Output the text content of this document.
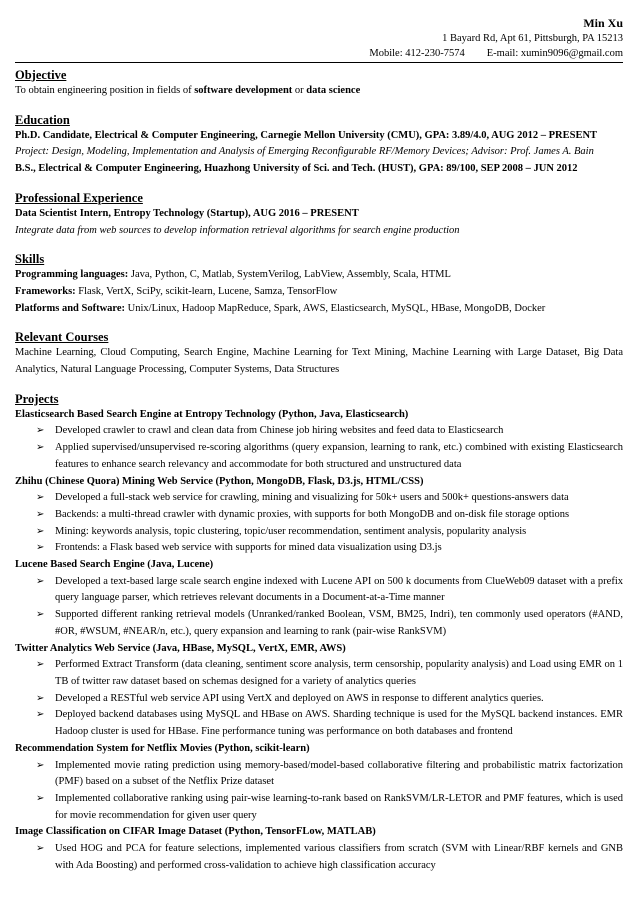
Min Xu
1 Bayard Rd, Apt 61, Pittsburgh, PA 15213
Mobile: 412-230-7574 E-mail: xumin9096@gmail.com
Objective
To obtain engineering position in fields of software development or data science
Education
Ph.D. Candidate, Electrical & Computer Engineering, Carnegie Mellon University (CMU), GPA: 3.89/4.0, AUG 2012 – PRESENT
Project: Design, Modeling, Implementation and Analysis of Emerging Reconfigurable RF/Memory Devices; Advisor: Prof. James A. Bain
B.S., Electrical & Computer Engineering, Huazhong University of Sci. and Tech. (HUST), GPA: 89/100, SEP 2008 – JUN 2012
Professional Experience
Data Scientist Intern, Entropy Technology (Startup), AUG 2016 – PRESENT
Integrate data from web sources to develop information retrieval algorithms for search engine production
Skills
Programming languages: Java, Python, C, Matlab, SystemVerilog, LabView, Assembly, Scala, HTML
Frameworks: Flask, VertX, SciPy, scikit-learn, Lucene, Samza, TensorFlow
Platforms and Software: Unix/Linux, Hadoop MapReduce, Spark, AWS, Elasticsearch, MySQL, HBase, MongoDB, Docker
Relevant Courses
Machine Learning, Cloud Computing, Search Engine, Machine Learning for Text Mining, Machine Learning with Large Dataset, Big Data Analytics, Natural Language Processing, Computer Systems, Data Structures
Projects
Elasticsearch Based Search Engine at Entropy Technology (Python, Java, Elasticsearch)
➢ Developed crawler to crawl and clean data from Chinese job hiring websites and feed data to Elasticsearch
➢ Applied supervised/unsupervised re-scoring algorithms (query expansion, learning to rank, etc.) combined with existing Elasticsearch features to enhance search relevancy and accommodate for both structured and unstructured data
Zhihu (Chinese Quora) Mining Web Service (Python, MongoDB, Flask, D3.js, HTML/CSS)
➢ Developed a full-stack web service for crawling, mining and visualizing for 50k+ users and 500k+ questions-answers data
➢ Backends: a multi-thread crawler with dynamic proxies, with supports for both MongoDB and on-disk file storage options
➢ Mining: keywords analysis, topic clustering, topic/user recommendation, sentiment analysis, popularity analysis
➢ Frontends: a Flask based web service with supports for mined data visualization using D3.js
Lucene Based Search Engine (Java, Lucene)
➢ Developed a text-based large scale search engine indexed with Lucene API on 500 k documents from ClueWeb09 dataset with a prefix query language parser, which retrieves relevant documents in a Document-at-a-Time manner
➢ Supported different ranking retrieval models (Unranked/ranked Boolean, VSM, BM25, Indri), ten commonly used operators (#AND, #OR, #WSUM, #NEAR/n, etc.), query expansion and learning to rank (pair-wise RankSVM)
Twitter Analytics Web Service (Java, HBase, MySQL, VertX, EMR, AWS)
➢ Performed Extract Transform (data cleaning, sentiment score analysis, term censorship, popularity analysis) and Load using EMR on 1 TB of twitter raw dataset based on schemas designed for a variety of analytics queries
➢ Developed a RESTful web service API using VertX and deployed on AWS in response to different analytics queries.
➢ Deployed backend databases using MySQL and HBase on AWS. Sharding technique is used for the MySQL backend instances. EMR Hadoop cluster is used for HBase. Fine performance tuning was performance on both databases and frontend
Recommendation System for Netflix Movies (Python, scikit-learn)
➢ Implemented movie rating prediction using memory-based/model-based collaborative filtering and probabilistic matrix factorization (PMF) based on a subset of the Netflix Prize dataset
➢ Implemented collaborative ranking using pair-wise learning-to-rank based on RankSVM/LR-LETOR and PMF features, which is used for movie recommendation for given user query
Image Classification on CIFAR Image Dataset (Python, TensorFLow, MATLAB)
➢ Used HOG and PCA for feature selections, implemented various classifiers from scratch (SVM with Linear/RBF kernels and GNB with Ada Boosting) and performed cross-validation to achieve high classification accuracy
